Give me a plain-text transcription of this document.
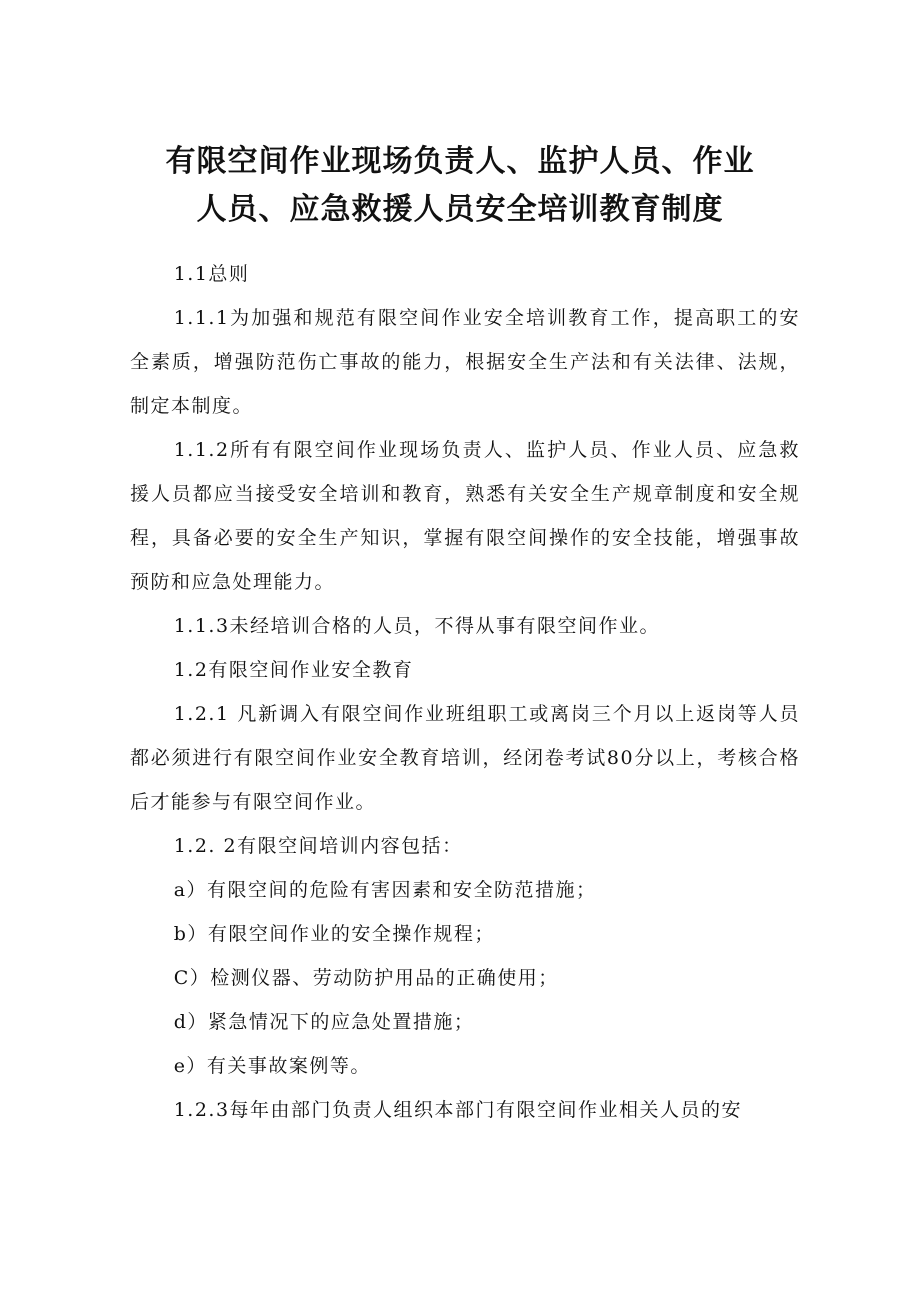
有限空间作业现场负责人、监护人员、作业
人员、应急救援人员安全培训教育制度

1.1总则

1.1.1为加强和规范有限空间作业安全培训教育工作，提高职工的安全素质，增强防范伤亡事故的能力，根据安全生产法和有关法律、法规，制定本制度。

1.1.2所有有限空间作业现场负责人、监护人员、作业人员、应急救援人员都应当接受安全培训和教育，熟悉有关安全生产规章制度和安全规程，具备必要的安全生产知识，掌握有限空间操作的安全技能，增强事故预防和应急处理能力。

1.1.3未经培训合格的人员，不得从事有限空间作业。

1.2有限空间作业安全教育

1.2.1 凡新调入有限空间作业班组职工或离岗三个月以上返岗等人员都必须进行有限空间作业安全教育培训，经闭卷考试80分以上，考核合格后才能参与有限空间作业。

1.2. 2有限空间培训内容包括：

a）有限空间的危险有害因素和安全防范措施；

b）有限空间作业的安全操作规程；

C）检测仪器、劳动防护用品的正确使用；

d）紧急情况下的应急处置措施；

e）有关事故案例等。

1.2.3每年由部门负责人组织本部门有限空间作业相关人员的安
